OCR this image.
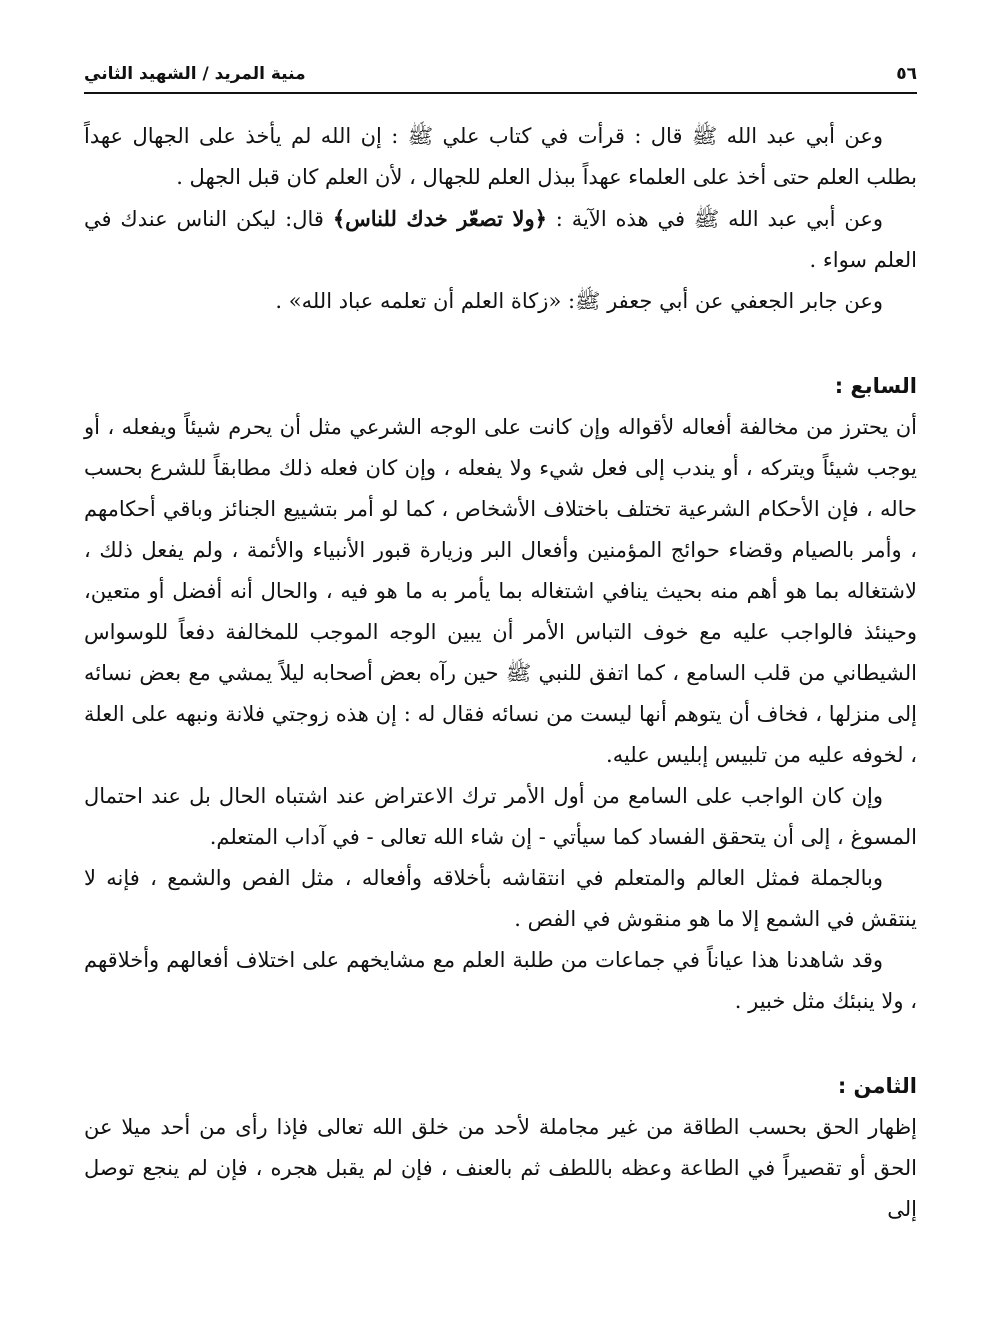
٥٦
منية المريد / الشهيد الثاني

وعن أبي عبد الله ﷺ قال : قرأت في كتاب علي ﷺ : إن الله لم يأخذ على الجهال عهداً بطلب العلم حتى أخذ على العلماء عهداً ببذل العلم للجهال ، لأن العلم كان قبل الجهل .

وعن أبي عبد الله ﷺ في هذه الآية : ﴿ولا تصعّر خدك للناس﴾ قال: ليكن الناس عندك في العلم سواء .

وعن جابر الجعفي عن أبي جعفر ﷺ: «زكاة العلم أن تعلمه عباد الله» .

السابع :

أن يحترز من مخالفة أفعاله لأقواله وإن كانت على الوجه الشرعي مثل أن يحرم شيئاً ويفعله ، أو يوجب شيئاً ويتركه ، أو يندب إلى فعل شيء ولا يفعله ، وإن كان فعله ذلك مطابقاً للشرع بحسب حاله ، فإن الأحكام الشرعية تختلف باختلاف الأشخاص ، كما لو أمر بتشييع الجنائز وباقي أحكامهم ، وأمر بالصيام وقضاء حوائج المؤمنين وأفعال البر وزيارة قبور الأنبياء والأئمة ، ولم يفعل ذلك ، لاشتغاله بما هو أهم منه بحيث ينافي اشتغاله بما يأمر به ما هو فيه ، والحال أنه أفضل أو متعين، وحينئذ فالواجب عليه مع خوف التباس الأمر أن يبين الوجه الموجب للمخالفة دفعاً للوسواس الشيطاني من قلب السامع ، كما اتفق للنبي ﷺ حين رآه بعض أصحابه ليلاً يمشي مع بعض نسائه إلى منزلها ، فخاف أن يتوهم أنها ليست من نسائه فقال له : إن هذه زوجتي فلانة ونبهه على العلة ، لخوفه عليه من تلبيس إبليس عليه.

وإن كان الواجب على السامع من أول الأمر ترك الاعتراض عند اشتباه الحال بل عند احتمال المسوغ ، إلى أن يتحقق الفساد كما سيأتي - إن شاء الله تعالى - في آداب المتعلم.

وبالجملة فمثل العالم والمتعلم في انتقاشه بأخلاقه وأفعاله ، مثل الفص والشمع ، فإنه لا ينتقش في الشمع إلا ما هو منقوش في الفص .

وقد شاهدنا هذا عياناً في جماعات من طلبة العلم مع مشايخهم على اختلاف أفعالهم وأخلاقهم ، ولا ينبئك مثل خبير .

الثامن :

إظهار الحق بحسب الطاقة من غير مجاملة لأحد من خلق الله تعالى فإذا رأى من أحد ميلا عن الحق أو تقصيراً في الطاعة وعظه باللطف ثم بالعنف ، فإن لم يقبل هجره ، فإن لم ينجع توصل إلى
